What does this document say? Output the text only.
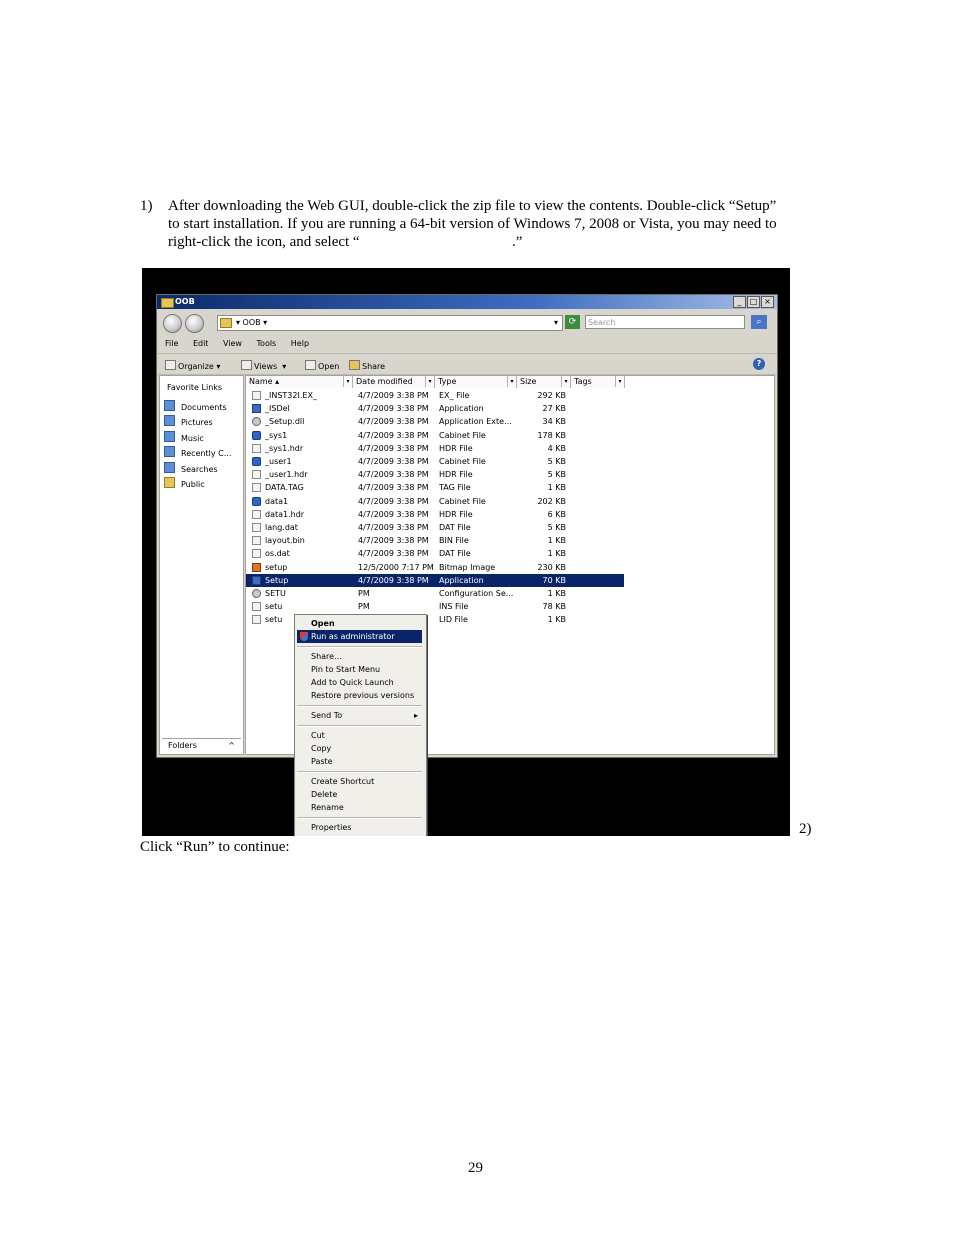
1) After downloading the Web GUI, double-click the zip file to view the contents. Double-click “Setup”
to start installation. If you are running a 64-bit version of Windows 7, 2008 or Vista, you may need to
right-click the icon, and select “	.”
OOB	_	□ ×
▾ OOB ▾	▾	⟳	Search	⌕
File Edit View Tools Help
Organize ▾	Views  ▾	Open	Share	?
Favorite Links
Documents
Pictures
Music
Recently C...
Searches
Public
Folders	^
Name ▴	▾ Date modified	▾ Type	▾ Size	▾ Tags	▾
_INST32I.EX_	4/7/2009 3:38 PM	EX_ File	292 KB
_ISDel	4/7/2009 3:38 PM	Application	27 KB
_Setup.dll	4/7/2009 3:38 PM	Application Exte...	34 KB
_sys1	4/7/2009 3:38 PM	Cabinet File	178 KB
_sys1.hdr	4/7/2009 3:38 PM	HDR File	4 KB
_user1	4/7/2009 3:38 PM	Cabinet File	5 KB
_user1.hdr	4/7/2009 3:38 PM	HDR File	5 KB
DATA.TAG	4/7/2009 3:38 PM	TAG File	1 KB
data1	4/7/2009 3:38 PM	Cabinet File	202 KB
data1.hdr	4/7/2009 3:38 PM	HDR File	6 KB
lang.dat	4/7/2009 3:38 PM	DAT File	5 KB
layout.bin	4/7/2009 3:38 PM	BIN File	1 KB
os.dat	4/7/2009 3:38 PM	DAT File	1 KB
setup	12/5/2000 7:17 PM Bitmap Image	230 KB
Setup	4/7/2009 3:38 PM	Application	70 KB
SETU	PM	Configuration Se...	1 KB
setu	PM	INS File	78 KB
setu	LID File	1 KB
Open
Run as administrator
Share...
Pin to Start Menu
Add to Quick Launch
Restore previous versions
Send To	▸
Cut
Copy
Paste
Create Shortcut
Delete
Rename
Properties	2)
Click “Run” to continue:
29
